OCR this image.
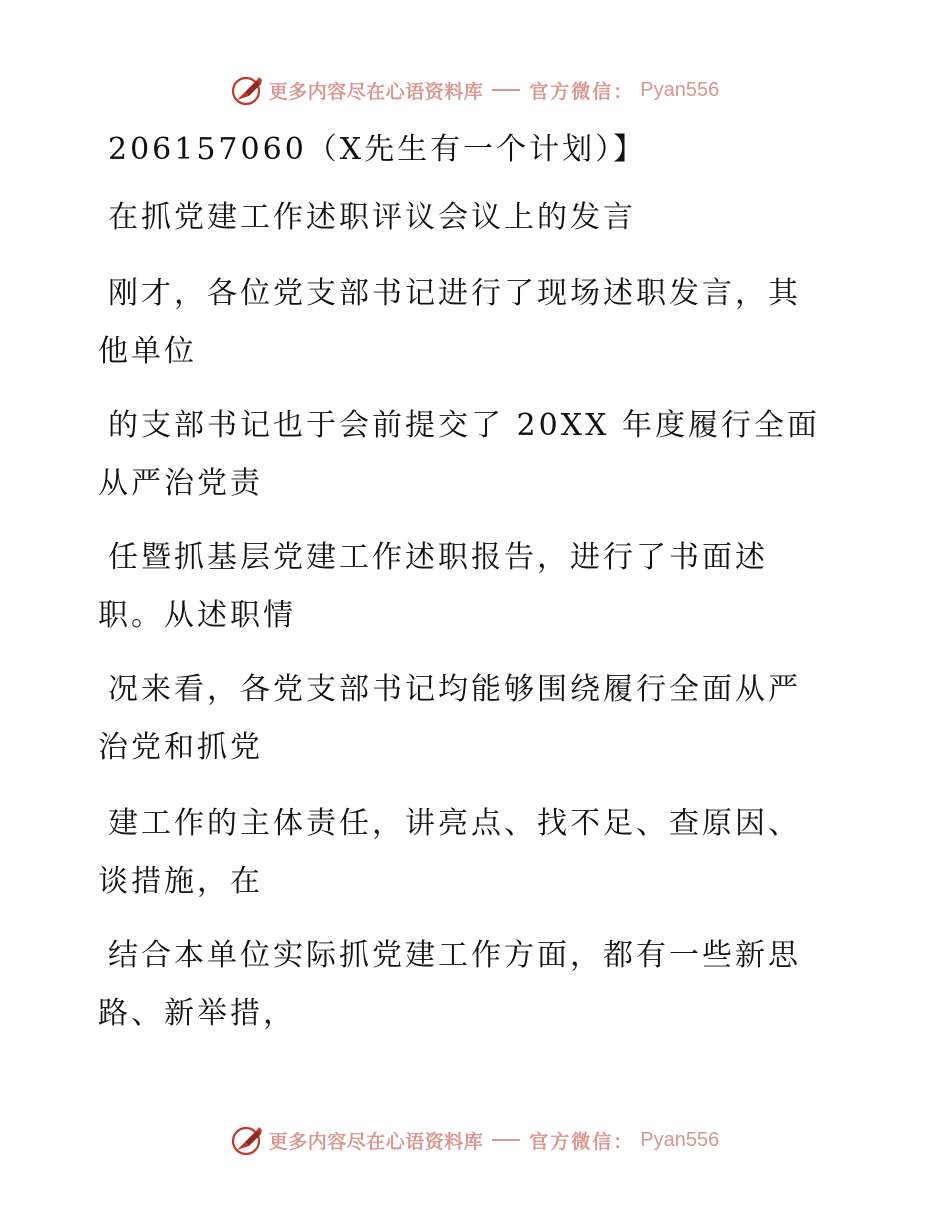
更多内容尽在心语资料库 官方微信： Pyan556
206157060（X先生有一个计划）】
在抓党建工作述职评议会议上的发言
刚才，各位党支部书记进行了现场述职发言，其
他单位
的支部书记也于会前提交了 20XX 年度履行全面
从严治党责
任暨抓基层党建工作述职报告，进行了书面述
职。从述职情
况来看，各党支部书记均能够围绕履行全面从严
治党和抓党
建工作的主体责任，讲亮点、找不足、查原因、
谈措施，在
结合本单位实际抓党建工作方面，都有一些新思
路、新举措，
更多内容尽在心语资料库 官方微信： Pyan556
